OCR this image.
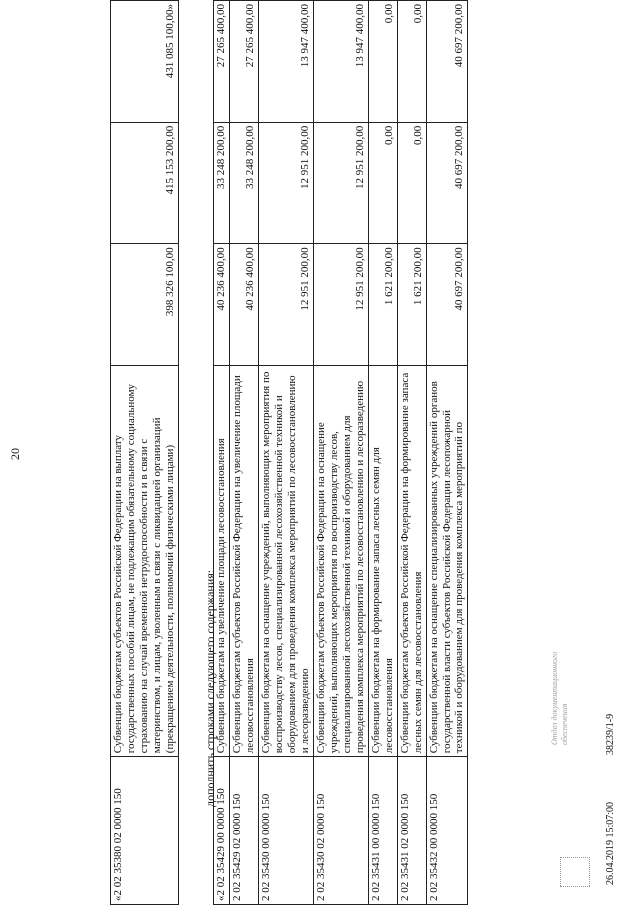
20
«2 02 35380 02 0000 150	Субвенции бюджетам субъектов Российской Федерации на выплату государственных пособий лицам, не подлежащим обязательному социальному страхованию на случай временной нетрудоспособности и в связи с материнством, и лицам, уволенным в связи с ликвидацией организаций (прекращением деятельности, полномочий физическими лицами)	398 326 100,00	415 153 200,00	431 085 100,00»
дополнить строками следующего содержания:
«2 02 35429 00 0000 150	Субвенции бюджетам на увеличение площади лесовосстановления	40 236 400,00	33 248 200,00	27 265 400,00
2 02 35429 02 0000 150	Субвенции бюджетам субъектов Российской Федерации на увеличение площади лесовосстановления	40 236 400,00	33 248 200,00	27 265 400,00
2 02 35430 00 0000 150	Субвенции бюджетам на оснащение учреждений, выполняющих мероприятия по воспроизводству лесов, специализированной лесохозяйственной техникой и оборудованием для проведения комплекса мероприятий по лесовосстановлению и лесоразведению	12 951 200,00	12 951 200,00	13 947 400,00
2 02 35430 02 0000 150	Субвенции бюджетам субъектов Российской Федерации на оснащение учреждений, выполняющих мероприятия по воспроизводству лесов, специализированной лесохозяйственной техникой и оборудованием для проведения комплекса мероприятий по лесовосстановлению и лесоразведению	12 951 200,00	12 951 200,00	13 947 400,00
2 02 35431 00 0000 150	Субвенции бюджетам на формирование запаса лесных семян для лесовосстановления	1 621 200,00	0,00	0,00
2 02 35431 02 0000 150	Субвенции бюджетам субъектов Российской Федерации на формирование запаса лесных семян для лесовосстановления	1 621 200,00	0,00	0,00
2 02 35432 00 0000 150	Субвенции бюджетам на оснащение специализированных учреждений органов государственной власти субъектов Российской Федерации лесопожарной техникой и оборудованием для проведения комплекса мероприятий по	40 697 200,00	40 697 200,00	40 697 200,00
Отдел документационного обеспечения
26.04.2019 15:07:00
38239/1-9
